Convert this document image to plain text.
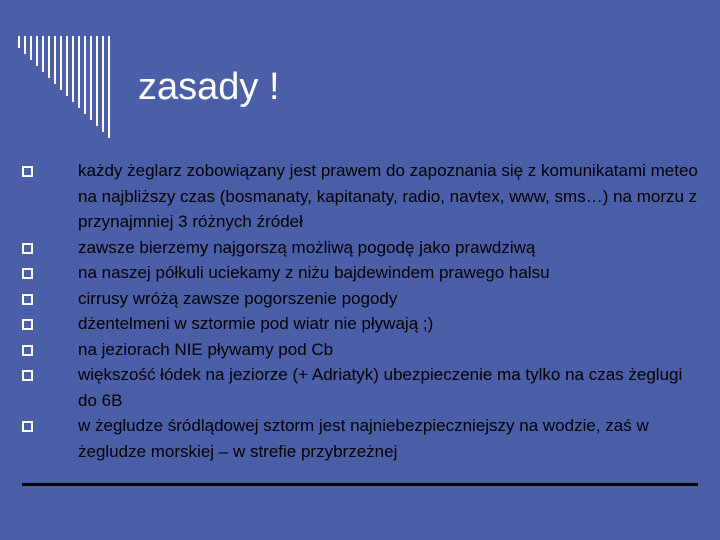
zasady !
każdy żeglarz zobowiązany jest prawem do zapoznania się z komunikatami meteo na najbliższy czas (bosmanaty, kapitanaty, radio, navtex, www, sms…) na morzu z przynajmniej 3 różnych źródeł
zawsze bierzemy najgorszą możliwą pogodę jako prawdziwą
na naszej półkuli uciekamy z niżu bajdewindem prawego halsu
cirrusy wróżą zawsze pogorszenie pogody
dżentelmeni w sztormie pod wiatr nie pływają ;)
na jeziorach NIE pływamy pod Cb
większość łódek na jeziorze (+ Adriatyk) ubezpieczenie ma tylko na czas żeglugi do 6B
w żegludze śródlądowej sztorm jest najniebezpieczniejszy na wodzie, zaś w żegludze morskiej – w strefie przybrzeżnej
